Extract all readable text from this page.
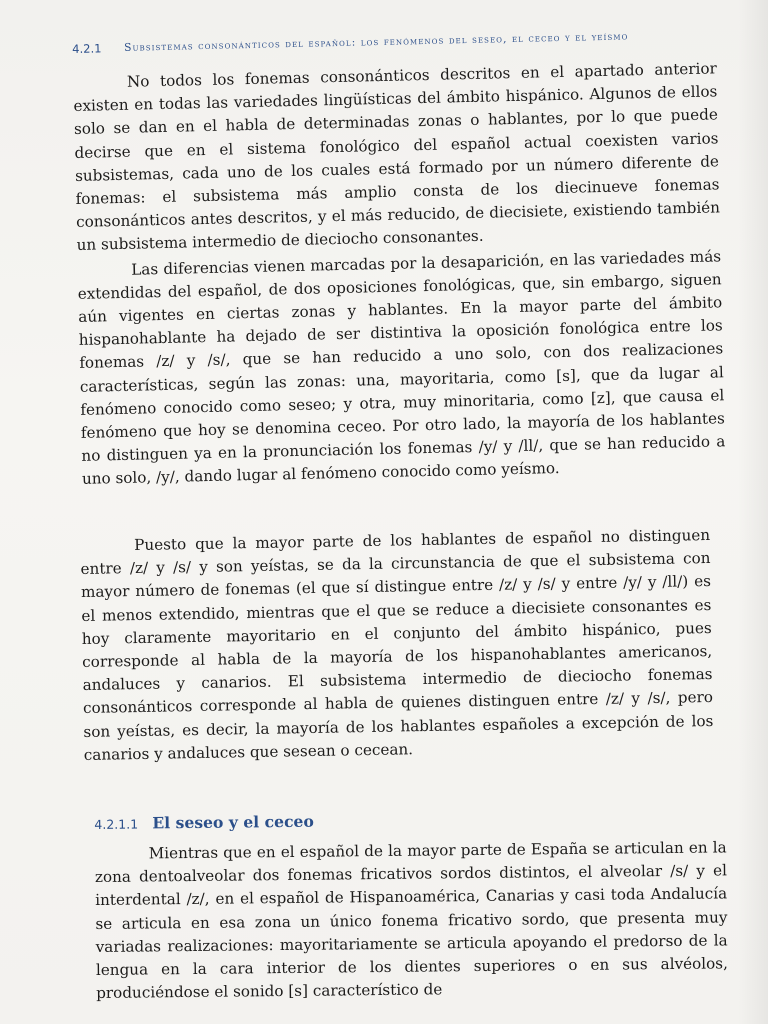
4.2.1	Subsistemas consonánticos del español: los fenómenos del seseo, el ceceo y el yeísmo

No todos los fonemas consonánticos descritos en el apartado anterior existen en todas las variedades lingüísticas del ámbito hispánico. Algunos de ellos solo se dan en el habla de determinadas zonas o hablantes, por lo que puede decirse que en el sistema fonológico del español actual coexisten varios subsistemas, cada uno de los cuales está formado por un número diferente de fonemas: el subsistema más amplio consta de los diecinueve fonemas consonánticos antes descritos, y el más reducido, de diecisiete, existiendo también un subsistema intermedio de dieciocho consonantes.

Las diferencias vienen marcadas por la desaparición, en las variedades más extendidas del español, de dos oposiciones fonológicas, que, sin embargo, siguen aún vigentes en ciertas zonas y hablantes. En la mayor parte del ámbito hispanohablante ha dejado de ser distintiva la oposición fonológica entre los fonemas /z/ y /s/, que se han reducido a uno solo, con dos realizaciones características, según las zonas: una, mayoritaria, como [s], que da lugar al fenómeno conocido como seseo; y otra, muy minoritaria, como [z], que causa el fenómeno que hoy se denomina ceceo. Por otro lado, la mayoría de los hablantes no distinguen ya en la pronunciación los fonemas /y/ y /ll/, que se han reducido a uno solo, /y/, dando lugar al fenómeno conocido como yeísmo.

Puesto que la mayor parte de los hablantes de español no distinguen entre /z/ y /s/ y son yeístas, se da la circunstancia de que el subsistema con mayor número de fonemas (el que sí distingue entre /z/ y /s/ y entre /y/ y /ll/) es el menos extendido, mientras que el que se reduce a diecisiete consonantes es hoy claramente mayoritario en el conjunto del ámbito hispánico, pues corresponde al habla de la mayoría de los hispanohablantes americanos, andaluces y canarios. El subsistema intermedio de dieciocho fonemas consonánticos corresponde al habla de quienes distinguen entre /z/ y /s/, pero son yeístas, es decir, la mayoría de los hablantes españoles a excepción de los canarios y andaluces que sesean o cecean.

4.2.1.1 El seseo y el ceceo

Mientras que en el español de la mayor parte de España se articulan en la zona dentoalveolar dos fonemas fricativos sordos distintos, el alveolar /s/ y el interdental /z/, en el español de Hispanoamérica, Canarias y casi toda Andalucía se articula en esa zona un único fonema fricativo sordo, que presenta muy variadas realizaciones: mayoritariamente se articula apoyando el predorso de la lengua en la cara interior de los dientes superiores o en sus alvéolos, produciéndose el sonido [s] característico de
